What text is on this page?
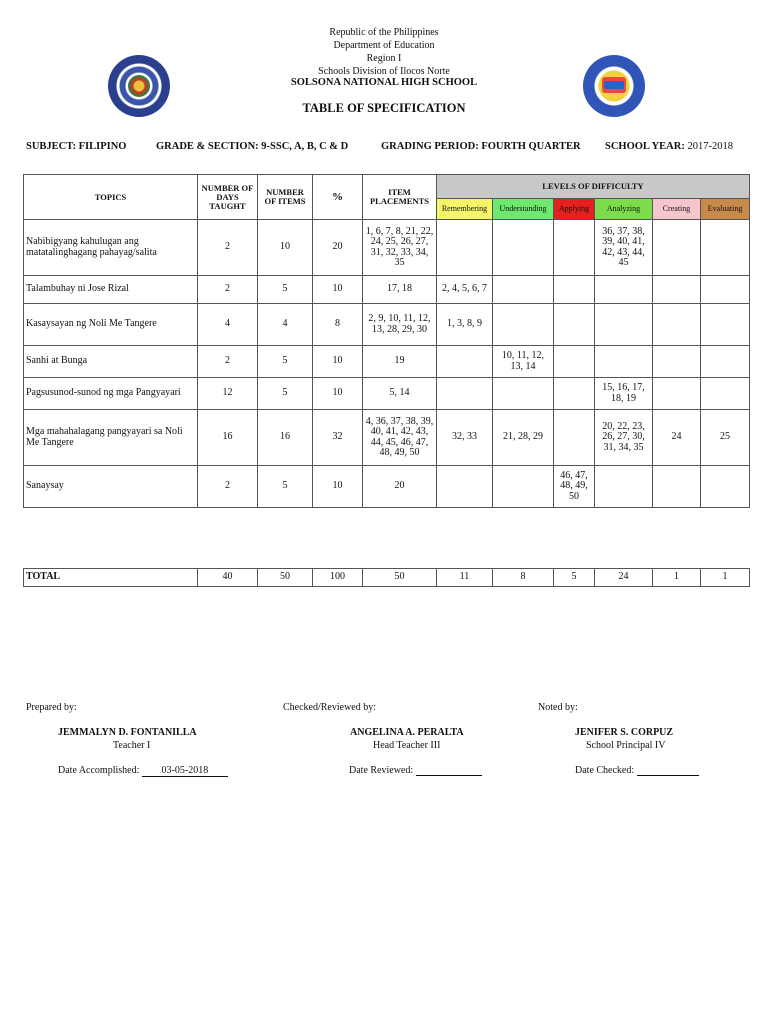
Republic of the Philippines
Department of Education
Region I
Schools Division of Ilocos Norte
SOLSONA NATIONAL HIGH SCHOOL
TABLE OF SPECIFICATION
SUBJECT: FILIPINO	GRADE & SECTION: 9-SSC, A, B, C & D	GRADING PERIOD: FOURTH QUARTER SCHOOL YEAR: 2017-2018
TOPICS	NUMBER OF DAYS TAUGHT	NUMBER OF ITEMS	%	ITEM PLACEMENTS	LEVELS OF DIFFICULTY					
					Remembering	Understanding	Applying	Analyzing	Creating	Evaluating
Nabibigyang kahulugan ang matatalinghagang pahayag/salita	2	10	20	1, 6, 7, 8, 21, 22, 24, 25, 26, 27, 31, 32, 33, 34, 35				36, 37, 38, 39, 40, 41, 42, 43, 44, 45		
Talambuhay ni Jose Rizal	2	5	10	17, 18	2, 4, 5, 6, 7					
Kasaysayan ng Noli Me Tangere	4	4	8	2, 9, 10, 11, 12, 13, 28, 29, 30	1, 3, 8, 9					
Sanhi at Bunga	2	5	10	19		10, 11, 12, 13, 14				
Pagsusunod-sunod ng mga Pangyayari	12	5	10	5, 14				15, 16, 17, 18, 19		
Mga mahahalagang pangyayari sa Noli Me Tangere	16	16	32	4, 36, 37, 38, 39, 40, 41, 42, 43, 44, 45, 46, 47, 48, 49, 50	32, 33	21, 28, 29		20, 22, 23, 26, 27, 30, 31, 34, 35	24	25
Sanaysay	2	5	10	20			46, 47, 48, 49, 50			
TOTAL	40	50	100	50	11	8	5	24	1	1
Prepared by:	Checked/Reviewed by:	Noted by:
JEMMALYN D. FONTANILLA
Teacher I
ANGELINA A. PERALTA
Head Teacher III
JENIFER S. CORPUZ
School Principal IV
Date Accomplished: 03-05-2018	Date Reviewed:	Date Checked:
